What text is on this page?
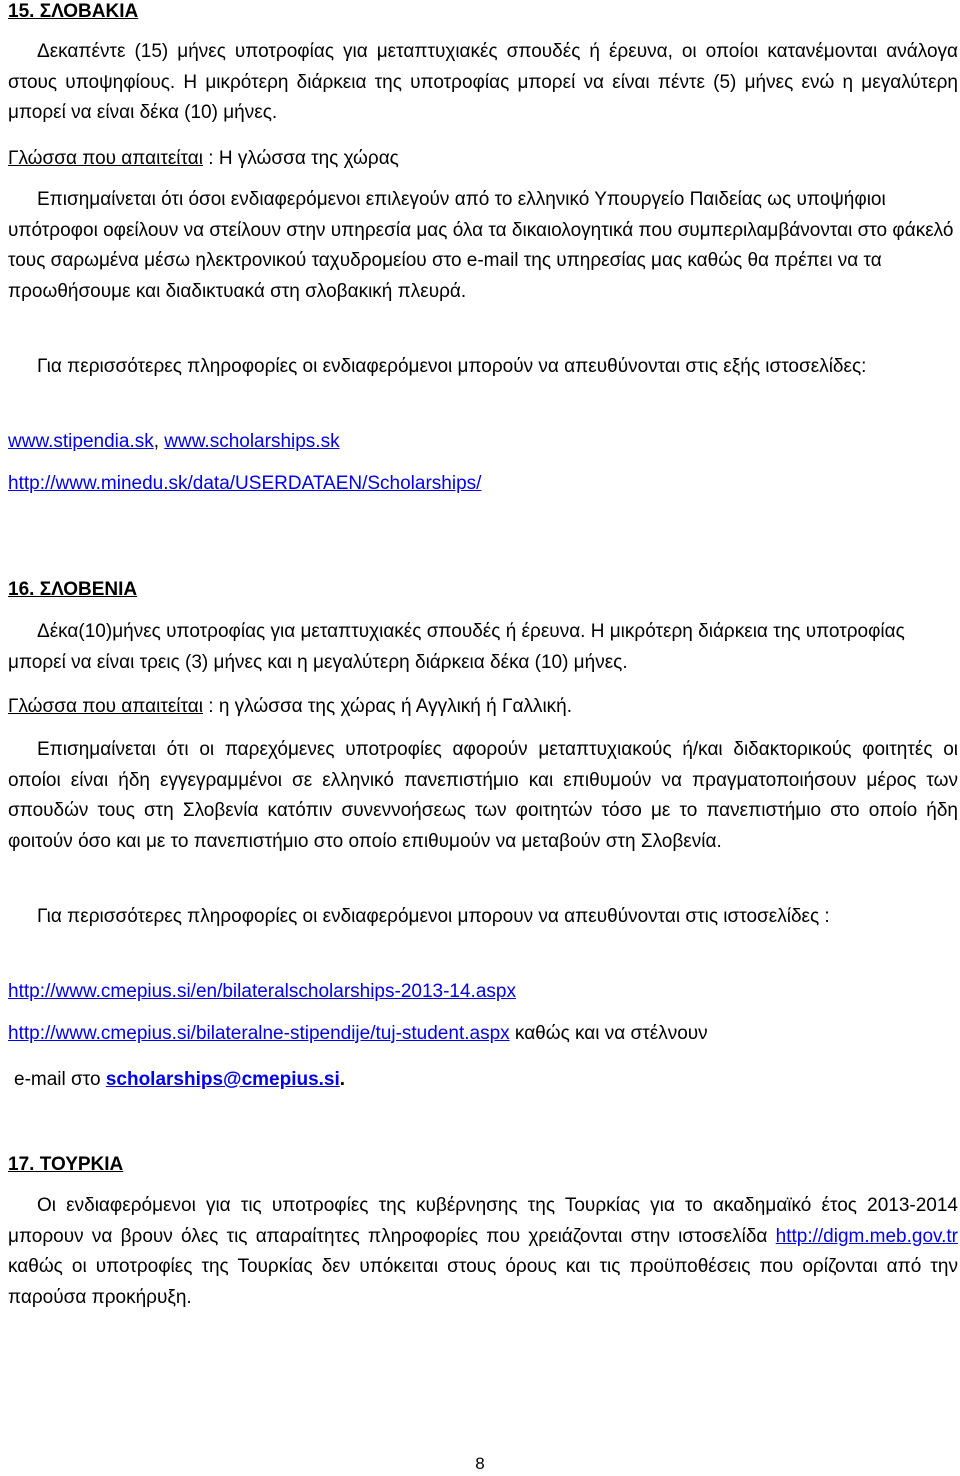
15. ΣΛΟΒΑΚΙΑ

Δεκαπέντε (15) μήνες υποτροφίας για μεταπτυχιακές σπουδές ή έρευνα, οι οποίοι κατανέμονται ανάλογα στους υποψηφίους. Η μικρότερη διάρκεια της υποτροφίας μπορεί να είναι πέντε (5) μήνες ενώ η μεγαλύτερη μπορεί να είναι δέκα (10) μήνες.

Γλώσσα που απαιτείται : Η γλώσσα της χώρας

Επισημαίνεται ότι όσοι ενδιαφερόμενοι επιλεγούν από το ελληνικό Υπουργείο Παιδείας ως υποψήφιοι υπότροφοι οφείλουν να στείλουν στην υπηρεσία μας όλα τα δικαιολογητικά που συμπεριλαμβάνονται στο φάκελό τους σαρωμένα μέσω ηλεκτρονικού ταχυδρομείου στο e-mail της υπηρεσίας μας καθώς θα πρέπει να τα προωθήσουμε και διαδικτυακά στη σλοβακική πλευρά.

Για περισσότερες πληροφορίες οι ενδιαφερόμενοι μπορούν να απευθύνονται στις εξής ιστοσελίδες:

www.stipendia.sk, www.scholarships.sk

http://www.minedu.sk/data/USERDATAEN/Scholarships/

16. ΣΛΟΒΕΝΙΑ

Δέκα(10)μήνες υποτροφίας για μεταπτυχιακές σπουδές ή έρευνα. Η μικρότερη διάρκεια της υποτροφίας μπορεί να είναι τρεις (3) μήνες και η μεγαλύτερη διάρκεια δέκα (10) μήνες.

Γλώσσα που απαιτείται : η γλώσσα της χώρας ή Αγγλική ή Γαλλική.

Επισημαίνεται ότι οι παρεχόμενες υποτροφίες αφορούν μεταπτυχιακούς ή/και διδακτορικούς φοιτητές οι οποίοι είναι ήδη εγγεγραμμένοι σε ελληνικό πανεπιστήμιο και επιθυμούν να πραγματοποιήσουν μέρος των σπουδών τους στη Σλοβενία κατόπιν συνεννοήσεως των φοιτητών τόσο με το πανεπιστήμιο στο οποίο ήδη φοιτούν όσο και με το πανεπιστήμιο στο οποίο επιθυμούν να μεταβούν στη Σλοβενία.

Για περισσότερες πληροφορίες οι ενδιαφερόμενοι μπορουν να απευθύνονται στις ιστοσελίδες :

http://www.cmepius.si/en/bilateralscholarships-2013-14.aspx

http://www.cmepius.si/bilateralne-stipendije/tuj-student.aspx καθώς και να στέλνουν

e-mail στο scholarships@cmepius.si.

17. ΤΟΥΡΚΙΑ

Οι ενδιαφερόμενοι για τις υποτροφίες της κυβέρνησης της Τουρκίας για το ακαδημαϊκό έτος 2013-2014 μπορουν να βρουν όλες τις απαραίτητες πληροφορίες που χρειάζονται στην ιστοσελίδα http://digm.meb.gov.tr καθώς οι υποτροφίες της Τουρκίας δεν υπόκειται στους όρους και τις προϋποθέσεις που ορίζονται από την παρούσα προκήρυξη.

8
